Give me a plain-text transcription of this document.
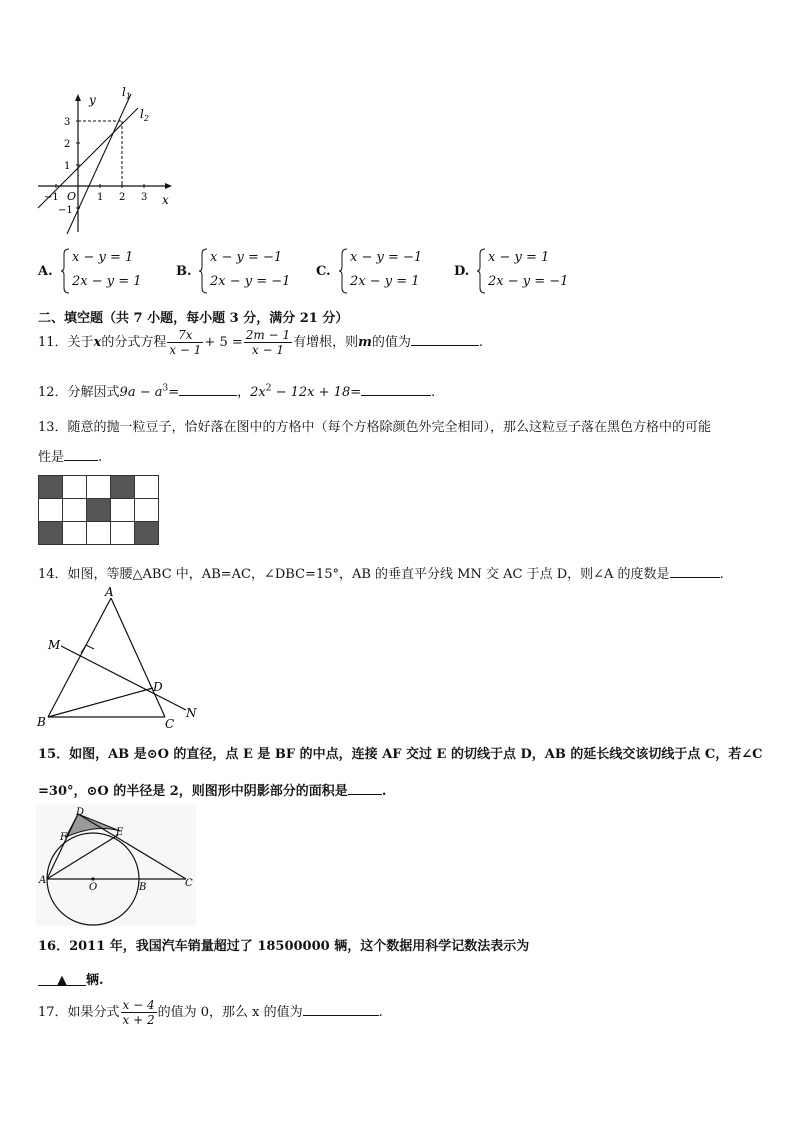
y
x
O
$l_1$
$l_2$
−1	1 2 3
3
2
1
−1
A.
x − y = 1
2x − y = 1
B.
x − y = −1
2x − y = −1
C.
x − y = −1
2x − y = 1
D.
x − y = 1
2x − y = −1
二、填空题（共 7 小题，每小题 3 分，满分 21 分）
11．关于x的分式方程 $\frac{7x}{x - 1} + 5 = \frac{2m - 1}{x - 1}$ 有增根，则m的值为	.
12．分解因式$9a - a^3=$	，$2x^2 - 12x + 18=$	.
13．随意的抛一粒豆子，恰好落在图中的方格中（每个方格除颜色外完全相同），那么这粒豆子落在黑色方格中的可能
性是	.

14．如图，等腰△ABC 中，AB=AC，∠DBC=15°，AB 的垂直平分线 MN 交 AC 于点 D，则∠A 的度数是	.
A
M
D
B	C
N
15．如图，AB 是⊙O 的直径，点 E 是 BF 的中点，连接 AF 交过 E 的切线于点 D，AB 的延长线交该切线于点 C，若∠C
=30°，⊙O 的半径是 2，则图形中阴影部分的面积是	.
D
F	E
A
O	B	C
16．2011 年，我国汽车销量超过了 18500000 辆，这个数据用科学记数法表示为
▲ 辆.
17．如果分式 $\frac{x - 4}{x + 2}$ 的值为 0，那么 x 的值为	.
